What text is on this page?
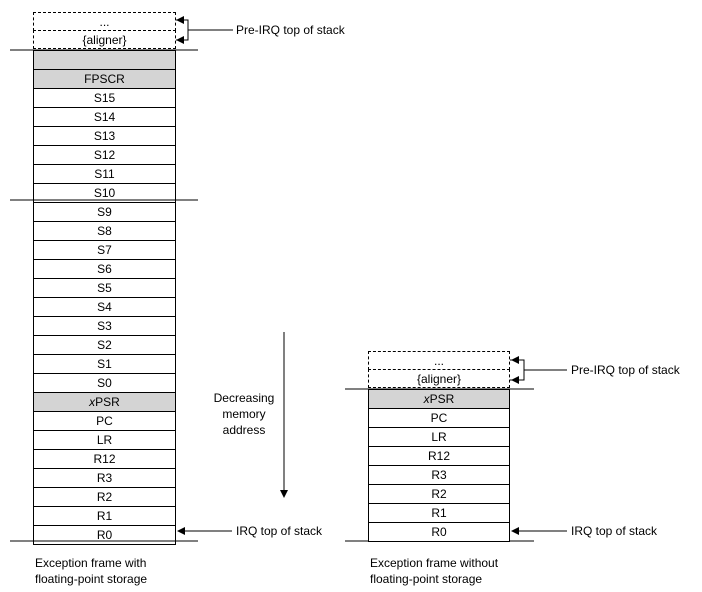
...
{aligner}
FPSCR
S15
S14
S13
S12
S11
S10
S9
S8
S7
S6
S5
S4
S3
S2
S1
S0
xPSR
PC
LR
R12
R3
R2
R1
R0
...
{aligner}
xPSR
PC
LR
R12
R3
R2
R1
R0
Pre-IRQ top of stack
IRQ top of stack
Pre-IRQ top of stack
IRQ top of stack
Decreasing
memory
address
Exception frame with
floating-point storage
Exception frame without
floating-point storage
